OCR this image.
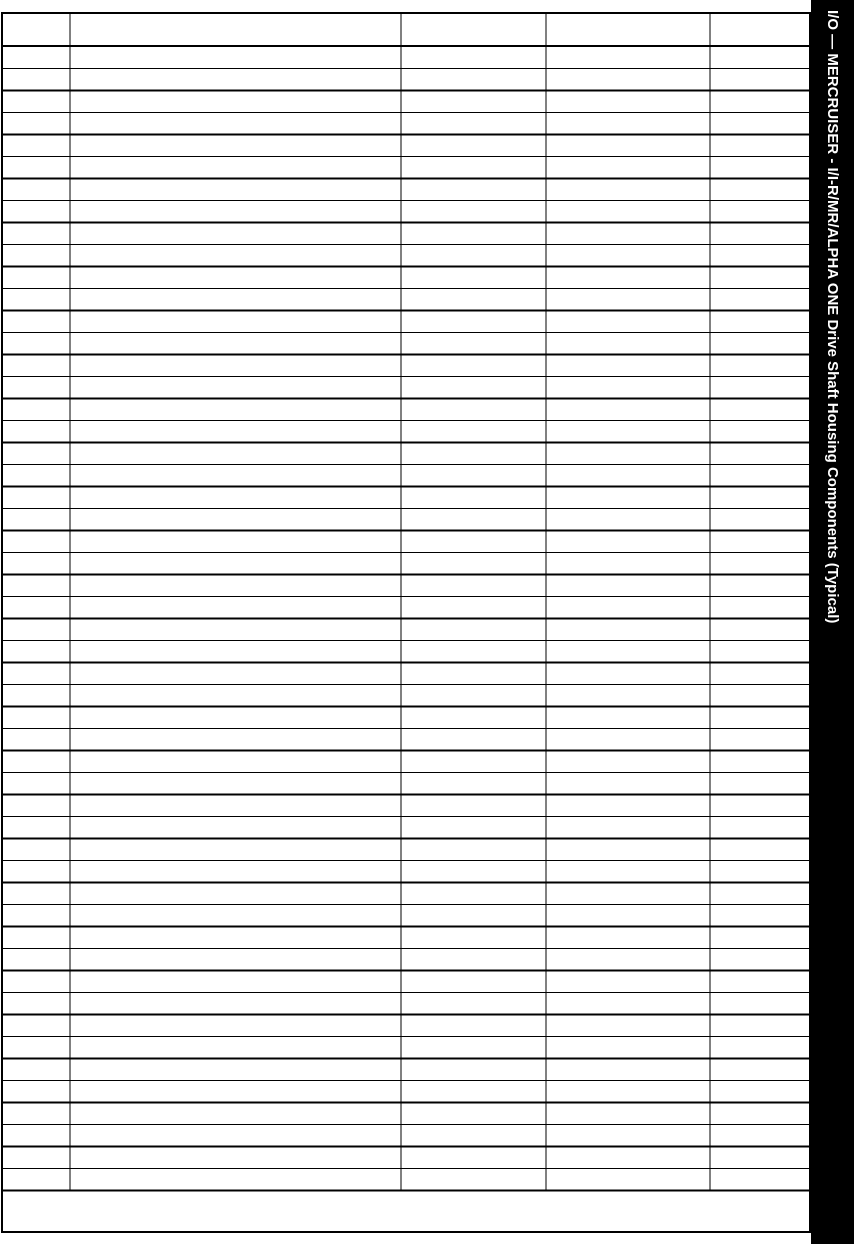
I/O — MERCRUISER - I/I-R/MR/ALPHA ONE Drive Shaft Housing Components (Typical)
